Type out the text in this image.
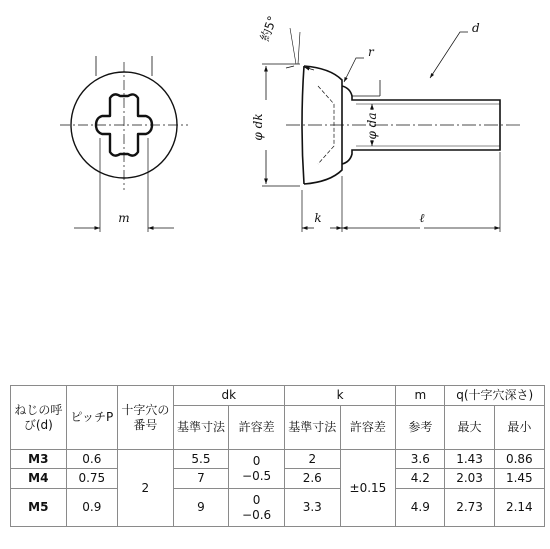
m
φ dk	φ da
k	ℓ
r
d
約5°
ねじの呼び(d)	ピッチP	十字穴の番号	dk		k		m	q(十字穴深さ)	
			基準寸法	許容差	基準寸法	許容差	参考	最大	最小
M3	0.6	2	5.5	0
−0.5	2	±0.15	3.6	1.43	0.86
M4	0.75		7		2.6		4.2	2.03	1.45
M5	0.9		9	0
−0.6	3.3		4.9	2.73	2.14
